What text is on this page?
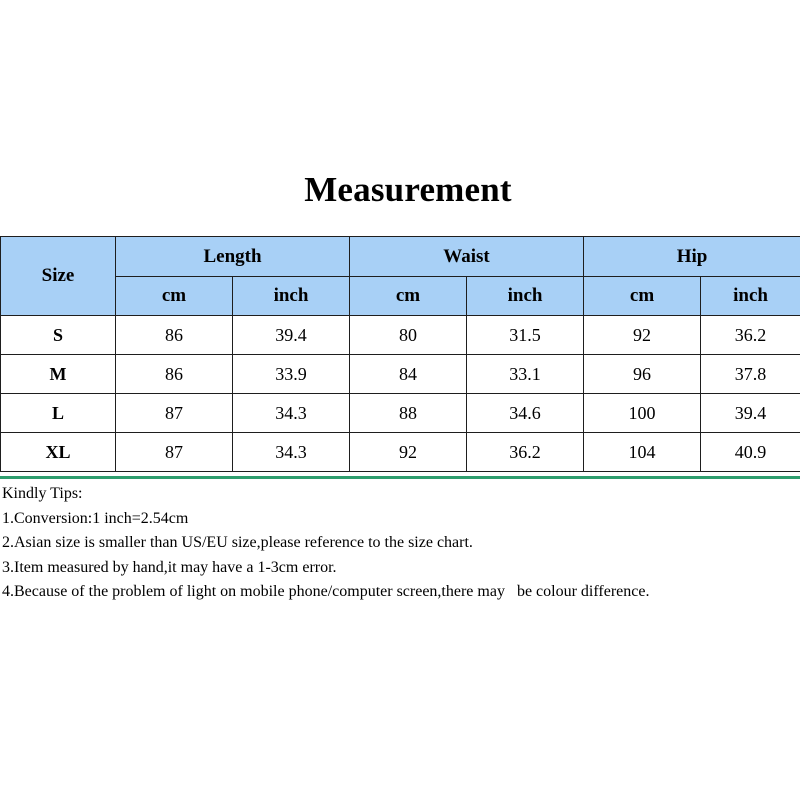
Measurement
Size	Length		Waist		Hip	
	cm	inch	cm	inch	cm	inch
S	86	39.4	80	31.5	92	36.2
M	86	33.9	84	33.1	96	37.8
L	87	34.3	88	34.6	100	39.4
XL	87	34.3	92	36.2	104	40.9
Kindly Tips:
1.Conversion:1 inch=2.54cm
2.Asian size is smaller than US/EU size,please reference to the size chart.
3.Item measured by hand,it may have a 1-3cm error.
4.Because of the problem of light on mobile phone/computer screen,there may   be colour difference.
